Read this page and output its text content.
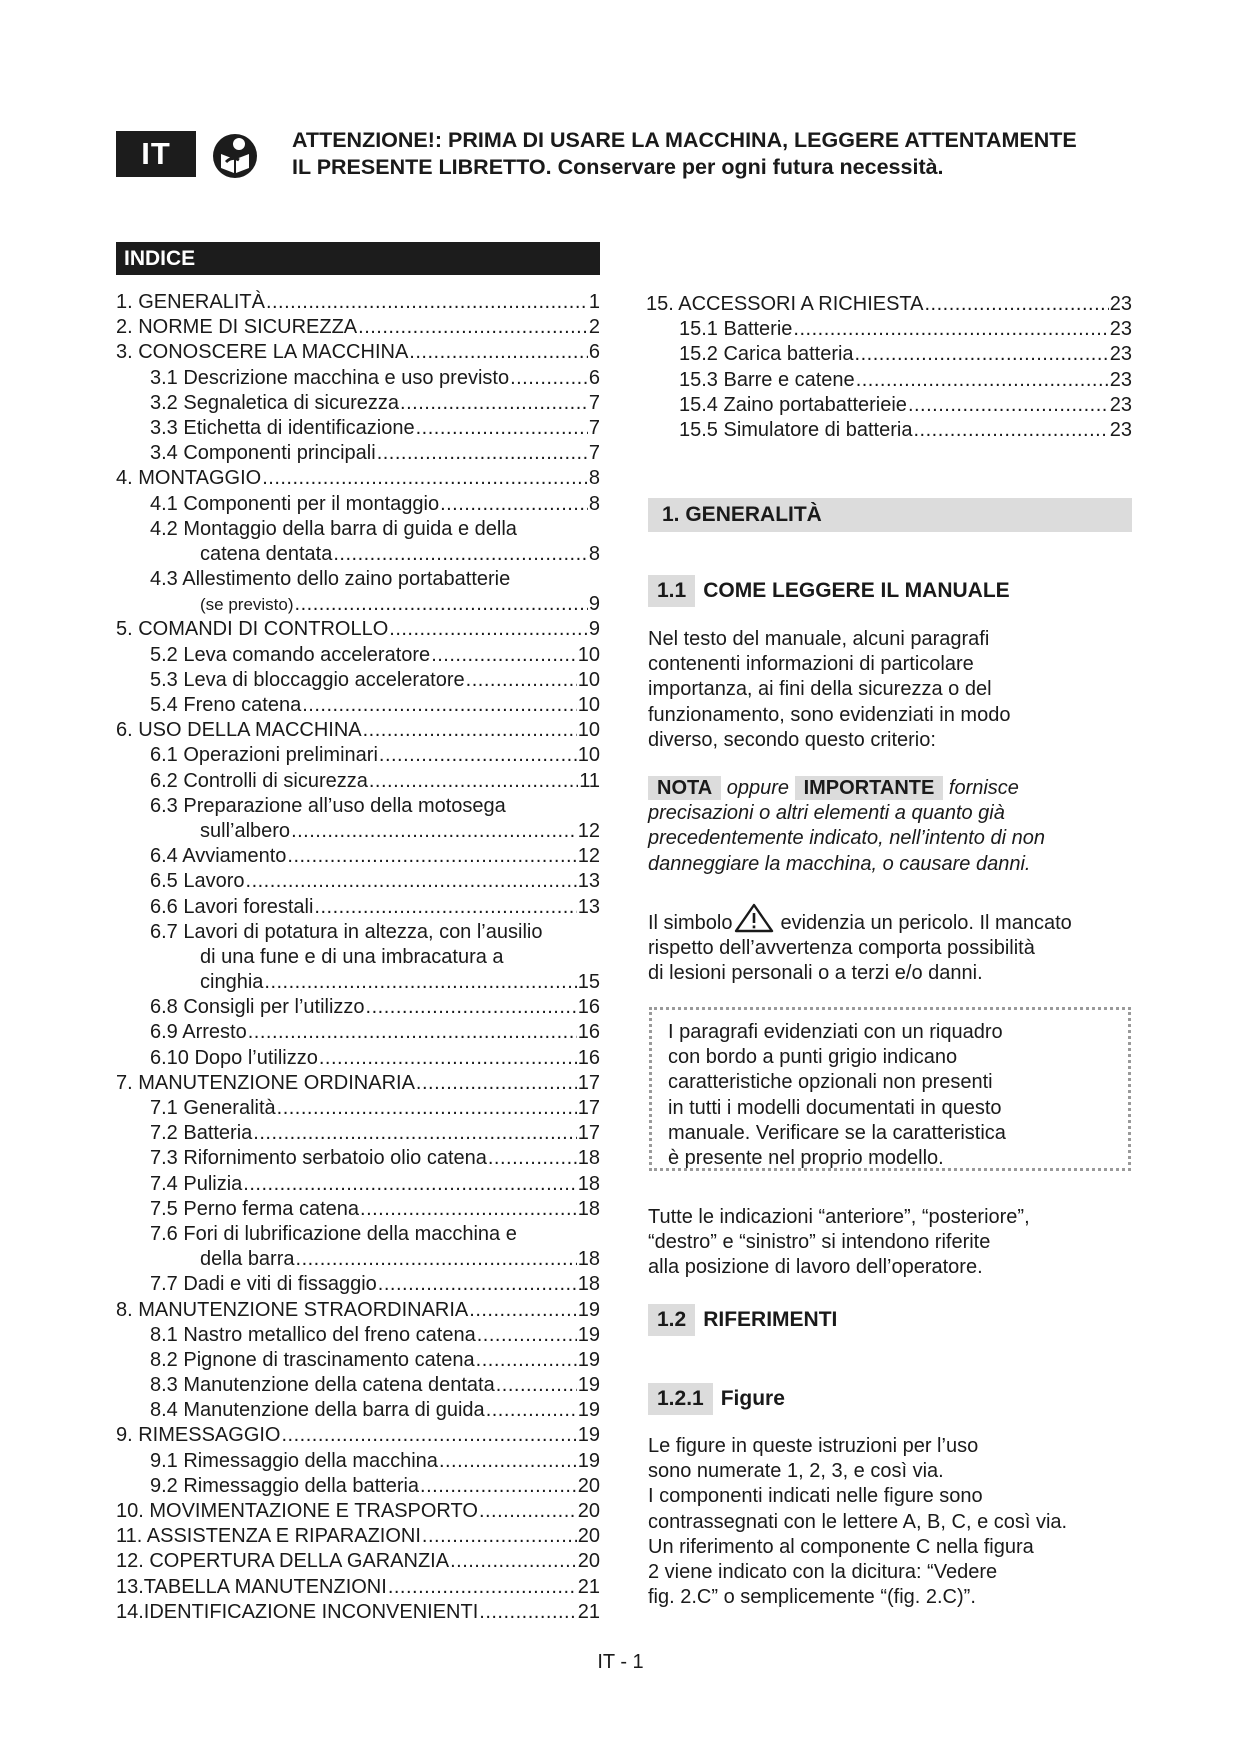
IT	ATTENZIONE!: PRIMA DI USARE LA MACCHINA, LEGGERE ATTENTAMENTE
IL PRESENTE LIBRETTO. Conservare per ogni futura necessità.
INDICE
1. GENERALITÀ .....	1
2. NORME DI SICUREZZA .....	2
3. CONOSCERE LA MACCHINA .....	6
3.1 Descrizione macchina e uso previsto .....	6
3.2 Segnaletica di sicurezza .....	7
3.3 Etichetta di identificazione .....	7
3.4 Componenti principali .....	7
4. MONTAGGIO .....	8
4.1 Componenti per il montaggio .....	8
4.2 Montaggio della barra di guida e della
catena dentata .....	8
4.3 Allestimento dello zaino portabatterie
(se previsto) .....	9
5. COMANDI DI CONTROLLO .....	9
5.2 Leva comando acceleratore .....	10
5.3 Leva di bloccaggio acceleratore .....	10
5.4 Freno catena .....	10
6. USO DELLA MACCHINA .....	10
6.1 Operazioni preliminari .....	10
6.2 Controlli di sicurezza .....	11
6.3 Preparazione all’uso della motosega
sull’albero .....	12
6.4 Avviamento .....	12
6.5 Lavoro .....	13
6.6 Lavori forestali .....	13
6.7 Lavori di potatura in altezza, con l’ausilio
di una fune e di una imbracatura a
cinghia .....	15
6.8 Consigli per l’utilizzo .....	16
6.9 Arresto .....	16
6.10 Dopo l’utilizzo .....	16
7. MANUTENZIONE ORDINARIA .....	17
7.1 Generalità .....	17
7.2 Batteria .....	17
7.3 Rifornimento serbatoio olio catena .....	18
7.4 Pulizia .....	18
7.5 Perno ferma catena .....	18
7.6 Fori di lubrificazione della macchina e
della barra .....	18
7.7 Dadi e viti di fissaggio .....	18
8. MANUTENZIONE STRAORDINARIA .....	19
8.1 Nastro metallico del freno catena .....	19
8.2 Pignone di trascinamento catena .....	19
8.3 Manutenzione della catena dentata .....	19
8.4 Manutenzione della barra di guida .....	19
9. RIMESSAGGIO .....	19
9.1 Rimessaggio della macchina .....	19
9.2 Rimessaggio della batteria .....	20
10. MOVIMENTAZIONE E TRASPORTO .....	20
11. ASSISTENZA E RIPARAZIONI .....	20
12. COPERTURA DELLA GARANZIA .....	20
13.TABELLA MANUTENZIONI .....	21
14.IDENTIFICAZIONE INCONVENIENTI .....	21
15. ACCESSORI A RICHIESTA .....	23
15.1 Batterie .....	23
15.2 Carica batteria .....	23
15.3 Barre e catene .....	23
15.4 Zaino portabatterieie .....	23
15.5 Simulatore di batteria .....	23
1. GENERALITÀ
1.1 COME LEGGERE IL MANUALE
Nel testo del manuale, alcuni paragrafi
contenenti informazioni di particolare
importanza, ai fini della sicurezza o del
funzionamento, sono evidenziati in modo
diverso, secondo questo criterio:
NOTA oppure IMPORTANTE fornisce
precisazioni o altri elementi a quanto già
precedentemente indicato, nell’intento di non
danneggiare la macchina, o causare danni.
Il simbolo evidenzia un pericolo. Il mancato
rispetto dell’avvertenza comporta possibilità
di lesioni personali o a terzi e/o danni.
I paragrafi evidenziati con un riquadro
con bordo a punti grigio indicano
caratteristiche opzionali non presenti
in tutti i modelli documentati in questo
manuale. Verificare se la caratteristica
è presente nel proprio modello.
Tutte le indicazioni “anteriore”, “posteriore”,
“destro” e “sinistro” si intendono riferite
alla posizione di lavoro dell’operatore.
1.2 RIFERIMENTI
1.2.1 Figure
Le figure in queste istruzioni per l’uso
sono numerate 1, 2, 3, e così via.
I componenti indicati nelle figure sono
contrassegnati con le lettere A, B, C, e così via.
Un riferimento al componente C nella figura
2 viene indicato con la dicitura: “Vedere
fig. 2.C” o semplicemente “(fig. 2.C)”.
IT - 1
